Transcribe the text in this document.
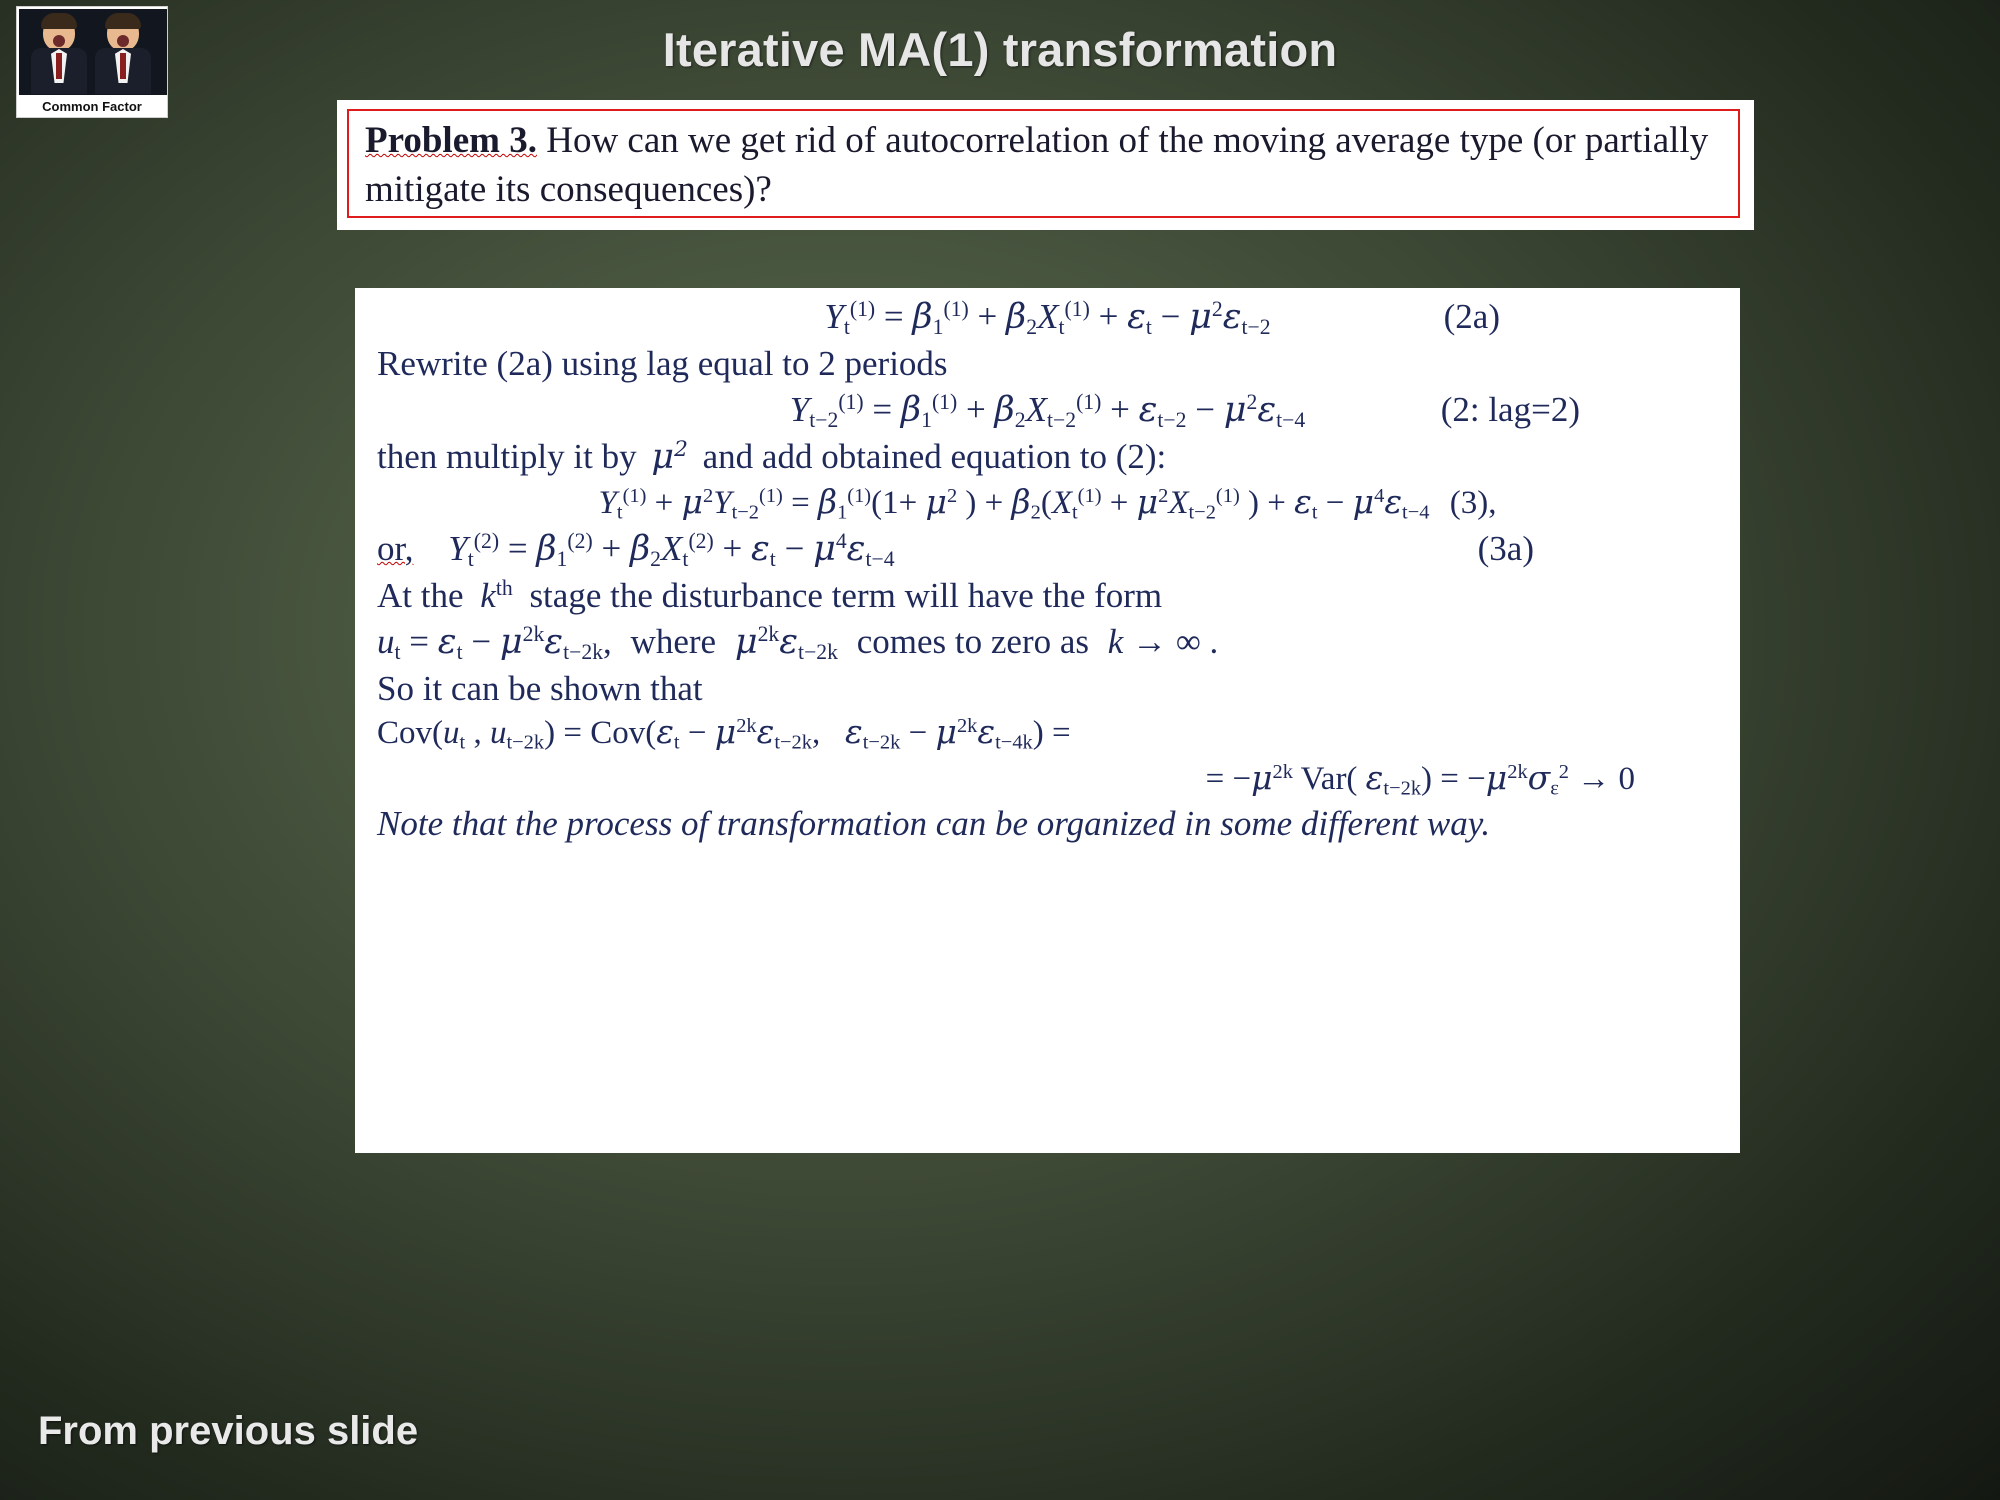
Common Factor
Iterative MA(1) transformation
Problem 3. How can we get rid of autocorrelation of the moving average type (or partially mitigate its consequences)?
$Y_t^{(1)} = \beta_1^{(1)} + \beta_2X_t^{(1)} + \varepsilon_t - \mu^2\varepsilon_{t-2}$	(2a)
Rewrite (2a) using lag equal to 2 periods
$Y_{t-2}^{(1)} = \beta_1^{(1)} + \beta_2X_{t-2}^{(1)} + \varepsilon_{t-2} - \mu^2\varepsilon_{t-4}$	(2: lag=2)
then multiply it by $\mu^2$ and add obtained equation to (2):
$Y_t^{(1)} + \mu^2Y_{t-2}^{(1)} = \beta_1^{(1)}(1+ \mu^2$ ) + $\beta_2(X_t^{(1)} + \mu^2X_{t-2}^{(1)}$ ) + $\varepsilon_t - \mu^4\varepsilon_{t-4}$ (3),
or, $Y_t^{(2)} = \beta_1^{(2)} + \beta_2X_t^{(2)} + \varepsilon_t - \mu^4\varepsilon_{t-4}$	(3a)
At the $k^{th}$ stage the disturbance term will have the form
$u_t = \varepsilon_t - \mu^{2k}\varepsilon_{t-2k}$, where $\mu^{2k}\varepsilon_{t-2k}$ comes to zero as k → ∞ .
So it can be shown that
$Cov(u_t$ , $u_{t-2k}) = Cov(\varepsilon_t - \mu^{2k}\varepsilon_{t-2k}$,   $\varepsilon_{t-2k} - \mu^{2k}\varepsilon_{t-4k}$) =
= $-\mu^{2k}$ Var( $\varepsilon_{t-2k}) = -\mu^{2k}\sigma_\varepsilon^2 \to 0$
Note that the process of transformation can be organized in some different way.
From previous slide
